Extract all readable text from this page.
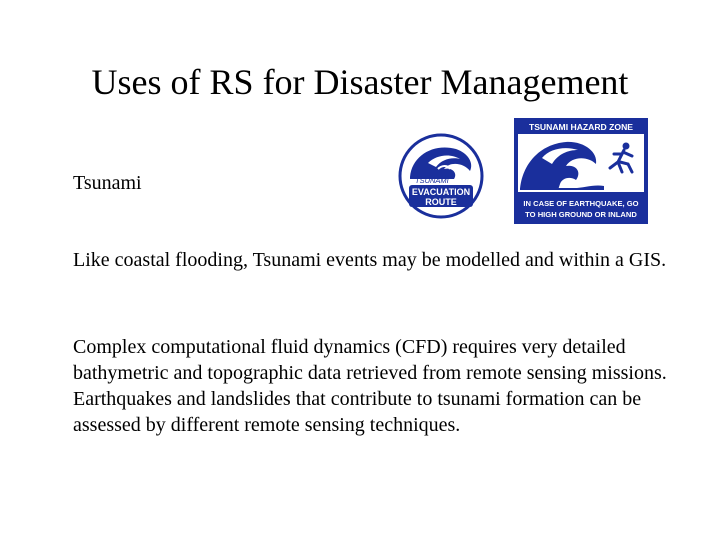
Uses of RS for Disaster Management
Tsunami
Like coastal flooding, Tsunami events may be modelled and within a GIS.
Complex computational fluid dynamics (CFD) requires very detailed bathymetric and topographic data retrieved from remote sensing missions. Earthquakes and landslides that contribute to tsunami formation can be assessed by different remote sensing techniques.
TSUNAMI
EVACUATION
ROUTE
TSUNAMI HAZARD ZONE
IN CASE OF EARTHQUAKE, GO
TO HIGH GROUND OR INLAND
